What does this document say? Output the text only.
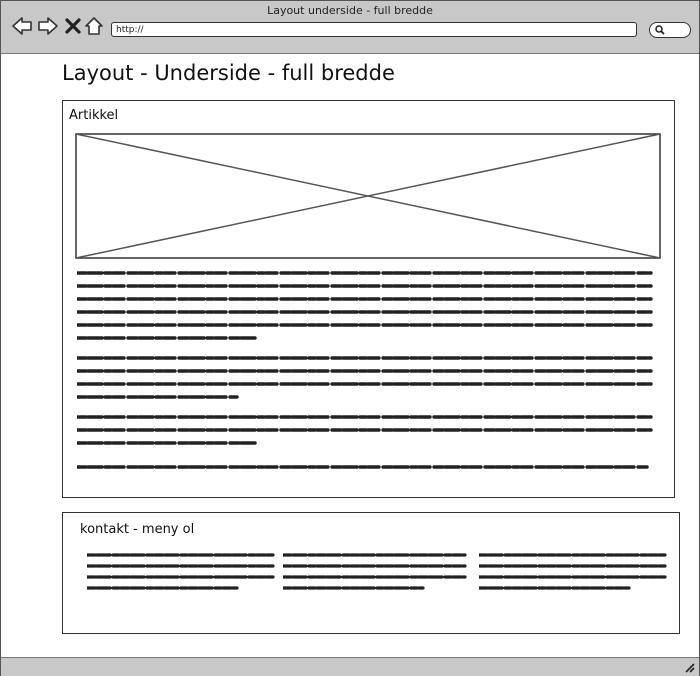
Layout underside - full bredde
http://
Layout - Underside - full bredde
Artikkel
kontakt - meny ol
